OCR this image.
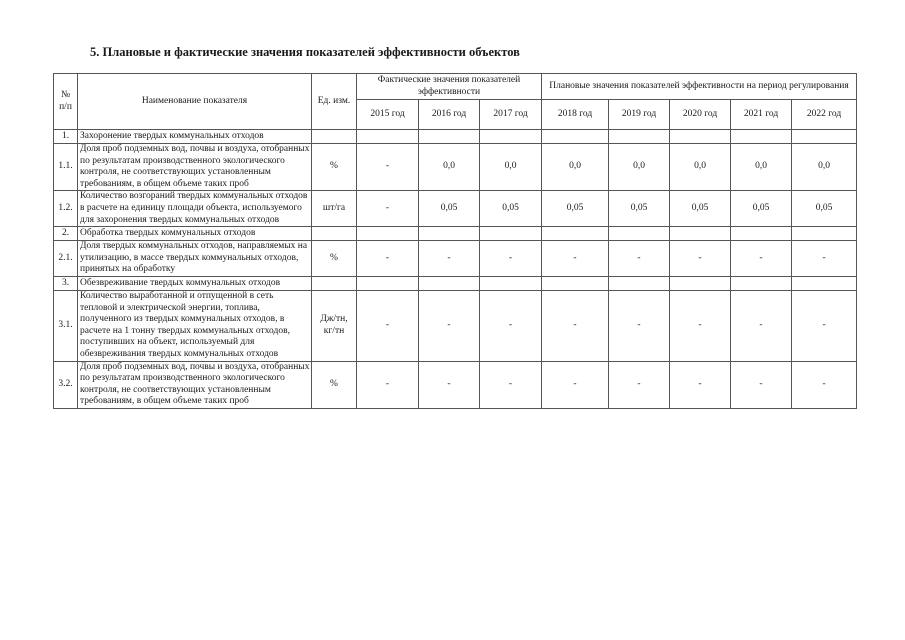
5. Плановые и фактические значения показателей эффективности объектов
№ п/п	Наименование показателя	Ед. изм.	Фактические значения показателей эффективности			Плановые значения показателей эффективности на период регулирования				
			2015 год	2016 год	2017 год	2018 год	2019 год	2020 год	2021 год	2022 год
1.	Захоронение твердых коммунальных отходов									
1.1.	Доля проб подземных вод, почвы и воздуха, отобранных по результатам производственного экологического контроля, не соответствующих установленным требованиям, в общем объеме таких проб	%	-	0,0	0,0	0,0	0,0	0,0	0,0	0,0
1.2.	Количество возгораний твердых коммунальных отходов в расчете на единицу площади объекта, используемого для захоронения твердых коммунальных отходов	шт/га	-	0,05	0,05	0,05	0,05	0,05	0,05	0,05
2.	Обработка твердых коммунальных отходов									
2.1.	Доля твердых коммунальных отходов, направляемых на утилизацию, в массе твердых коммунальных отходов, принятых на обработку	%	-	-	-	-	-	-	-	-
3.	Обезвреживание твердых коммунальных отходов									
3.1.	Количество выработанной и отпущенной в сеть тепловой и электрической энергии, топлива, полученного из твердых коммунальных отходов, в расчете на 1 тонну твердых коммунальных отходов, поступивших на объект, используемый для обезвреживания твердых коммунальных отходов	Дж/тн, кг/тн	-	-	-	-	-	-	-	-
3.2.	Доля проб подземных вод, почвы и воздуха, отобранных по результатам производственного экологического контроля, не соответствующих установленным требованиям, в общем объеме таких проб	%	-	-	-	-	-	-	-	-
